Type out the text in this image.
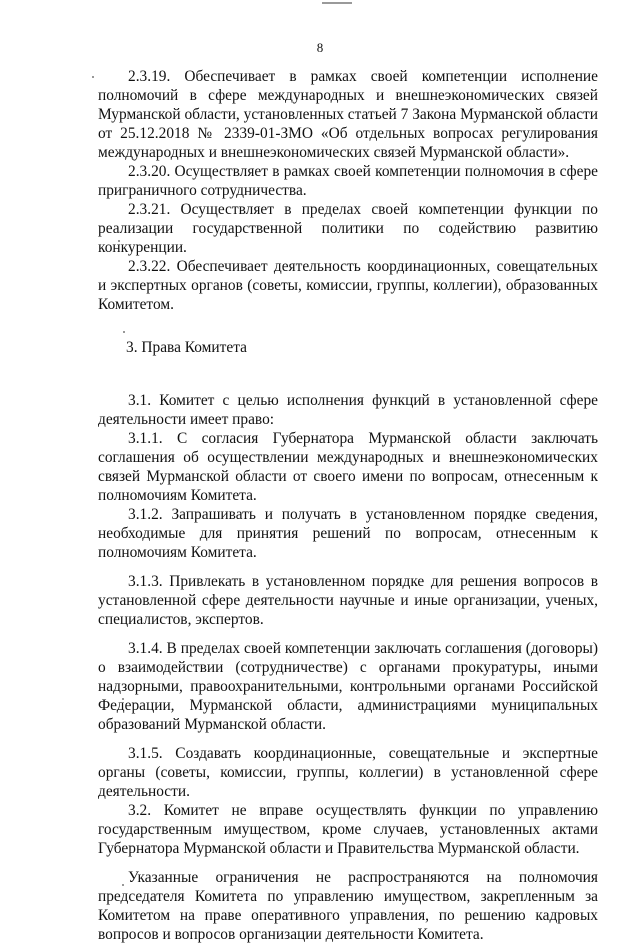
8

2.3.19. Обеспечивает в рамках своей компетенции исполнение полномочий в сфере международных и внешнеэкономических связей Мурманской области, установленных статьей 7 Закона Мурманской области от 25.12.2018 № 2339-01-ЗМО «Об отдельных вопросах регулирования международных и внешнеэкономических связей Мурманской области».

2.3.20. Осуществляет в рамках своей компетенции полномочия в сфере приграничного сотрудничества.

2.3.21. Осуществляет в пределах своей компетенции функции по реализации государственной политики по содействию развитию конкуренции.

2.3.22. Обеспечивает деятельность координационных, совещательных и экспертных органов (советы, комиссии, группы, коллегии), образованных Комитетом.

3. Права Комитета

3.1. Комитет с целью исполнения функций в установленной сфере деятельности имеет право:

3.1.1. С согласия Губернатора Мурманской области заключать соглашения об осуществлении международных и внешнеэкономических связей Мурманской области от своего имени по вопросам, отнесенным к полномочиям Комитета.

3.1.2. Запрашивать и получать в установленном порядке сведения, необходимые для принятия решений по вопросам, отнесенным к полномочиям Комитета.

3.1.3. Привлекать в установленном порядке для решения вопросов в установленной сфере деятельности научные и иные организации, ученых, специалистов, экспертов.

3.1.4. В пределах своей компетенции заключать соглашения (договоры) о взаимодействии (сотрудничестве) с органами прокуратуры, иными надзорными, правоохранительными, контрольными органами Российской Федерации, Мурманской области, администрациями муниципальных образований Мурманской области.

3.1.5. Создавать координационные, совещательные и экспертные органы (советы, комиссии, группы, коллегии) в установленной сфере деятельности.

3.2. Комитет не вправе осуществлять функции по управлению государственным имуществом, кроме случаев, установленных актами Губернатора Мурманской области и Правительства Мурманской области.

Указанные ограничения не распространяются на полномочия председателя Комитета по управлению имуществом, закрепленным за Комитетом на праве оперативного управления, по решению кадровых вопросов и вопросов организации деятельности Комитета.
